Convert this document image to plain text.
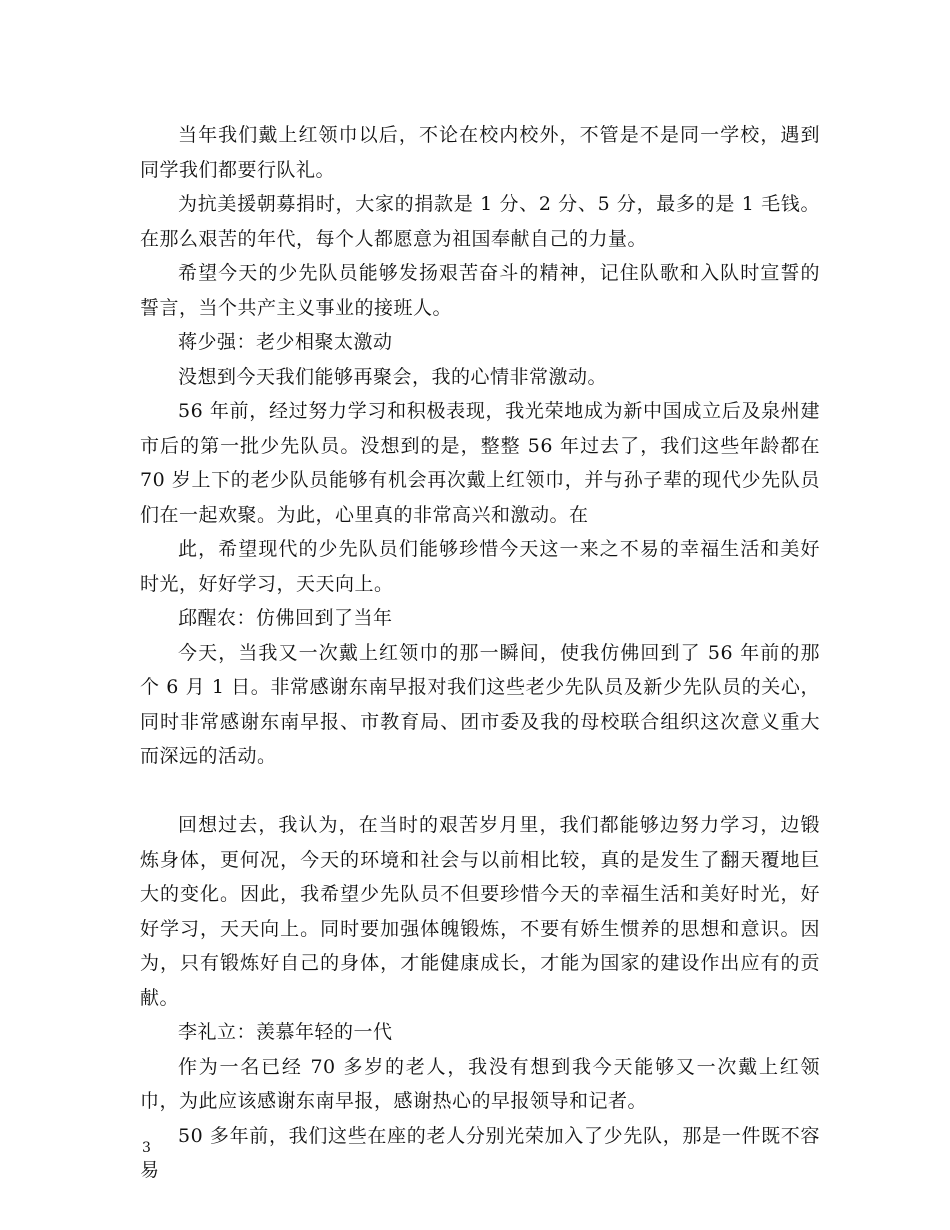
当年我们戴上红领巾以后，不论在校内校外，不管是不是同一学校，遇到同学我们都要行队礼。

为抗美援朝募捐时，大家的捐款是 1 分、2 分、5 分，最多的是 1 毛钱。在那么艰苦的年代，每个人都愿意为祖国奉献自己的力量。

希望今天的少先队员能够发扬艰苦奋斗的精神，记住队歌和入队时宣誓的誓言，当个共产主义事业的接班人。

蒋少强：老少相聚太激动

没想到今天我们能够再聚会，我的心情非常激动。

56 年前，经过努力学习和积极表现，我光荣地成为新中国成立后及泉州建市后的第一批少先队员。没想到的是，整整 56 年过去了，我们这些年龄都在 70 岁上下的老少队员能够有机会再次戴上红领巾，并与孙子辈的现代少先队员们在一起欢聚。为此，心里真的非常高兴和激动。在

此，希望现代的少先队员们能够珍惜今天这一来之不易的幸福生活和美好时光，好好学习，天天向上。

邱醒农：仿佛回到了当年

今天，当我又一次戴上红领巾的那一瞬间，使我仿佛回到了 56 年前的那个 6 月 1 日。非常感谢东南早报对我们这些老少先队员及新少先队员的关心，同时非常感谢东南早报、市教育局、团市委及我的母校联合组织这次意义重大而深远的活动。

回想过去，我认为，在当时的艰苦岁月里，我们都能够边努力学习，边锻炼身体，更何况，今天的环境和社会与以前相比较，真的是发生了翻天覆地巨大的变化。因此，我希望少先队员不但要珍惜今天的幸福生活和美好时光，好好学习，天天向上。同时要加强体魄锻炼，不要有娇生惯养的思想和意识。因为，只有锻炼好自己的身体，才能健康成长，才能为国家的建设作出应有的贡献。

李礼立：羡慕年轻的一代

作为一名已经 70 多岁的老人，我没有想到我今天能够又一次戴上红领巾，为此应该感谢东南早报，感谢热心的早报领导和记者。

50 多年前，我们这些在座的老人分别光荣加入了少先队，那是一件既不容易

3
